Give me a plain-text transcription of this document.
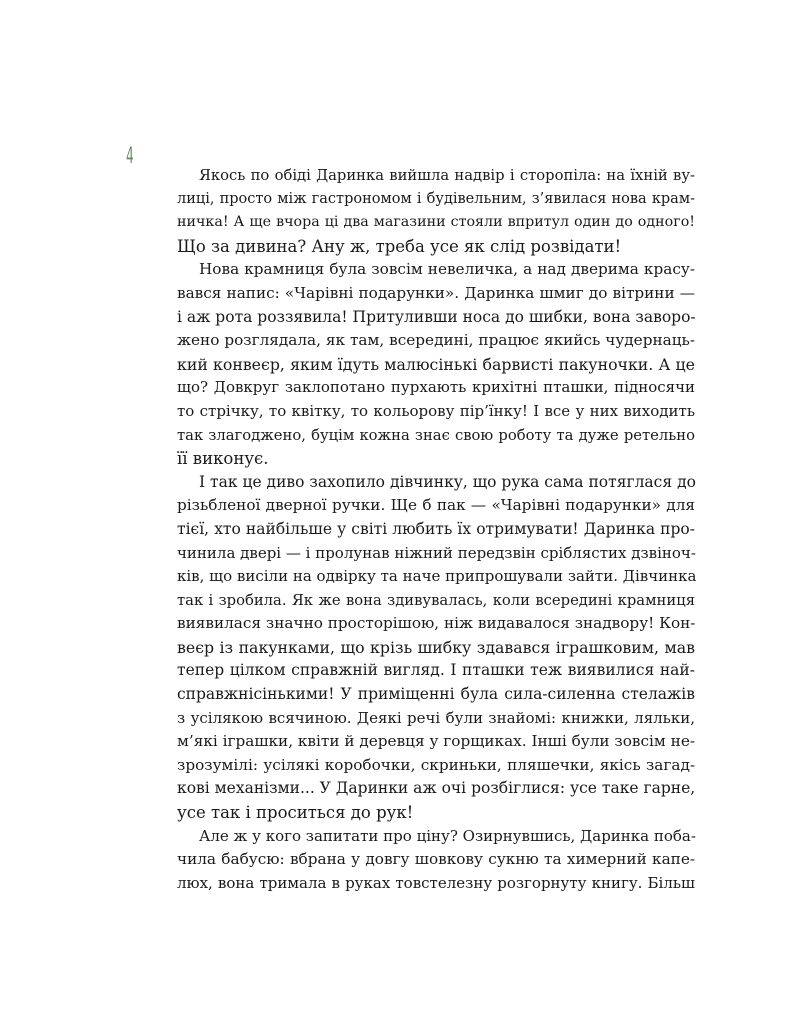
4
Якось по обіді Даринка вийшла надвір і сторопіла: на їхній ву-
лиці, просто між гастрономом і будівельним, з’явилася нова крам-
ничка! А ще вчора ці два магазини стояли впритул один до одного!
Що за дивина? Ану ж, треба усе як слід розвідати!
Нова крамниця була зовсім невеличка, а над дверима красу-
вався напис: «Чарівні подарунки». Даринка шмиг до вітрини —
і аж рота роззявила! Притуливши носа до шибки, вона заворо-
жено розглядала, як там, всередині, працює якийсь чудернаць-
кий конвеєр, яким їдуть малюсінькі барвисті пакуночки. А це
що? Довкруг заклопотано пурхають крихітні пташки, підносячи
то стрічку, то квітку, то кольорову пір’їнку! І все у них виходить
так злагоджено, буцім кожна знає свою роботу та дуже ретельно
її виконує.
І так це диво захопило дівчинку, що рука сама потяглася до
різьбленої дверної ручки. Ще б пак — «Чарівні подарунки» для
тієї, хто найбільше у світі любить їх отримувати! Даринка про-
чинила двері — і пролунав ніжний передзвін сріблястих дзвіноч-
ків, що висіли на одвірку та наче припрошували зайти. Дівчинка
так і зробила. Як же вона здивувалась, коли всередині крамниця
виявилася значно просторішою, ніж видавалося знадвору! Кон-
веєр із пакунками, що крізь шибку здавався іграшковим, мав
тепер цілком справжній вигляд. І пташки теж виявилися най-
справжнісінькими! У приміщенні була сила-силенна стелажів
з усілякою всячиною. Деякі речі були знайомі: книжки, ляльки,
м’які іграшки, квіти й деревця у горщиках. Інші були зовсім не-
зрозумілі: усілякі коробочки, скриньки, пляшечки, якісь загад-
кові механізми... У Даринки аж очі розбіглися: усе таке гарне,
усе так і проситься до рук!
Але ж у кого запитати про ціну? Озирнувшись, Даринка поба-
чила бабусю: вбрана у довгу шовкову сукню та химерний капе-
люх, вона тримала в руках товстелезну розгорнуту книгу. Більш
